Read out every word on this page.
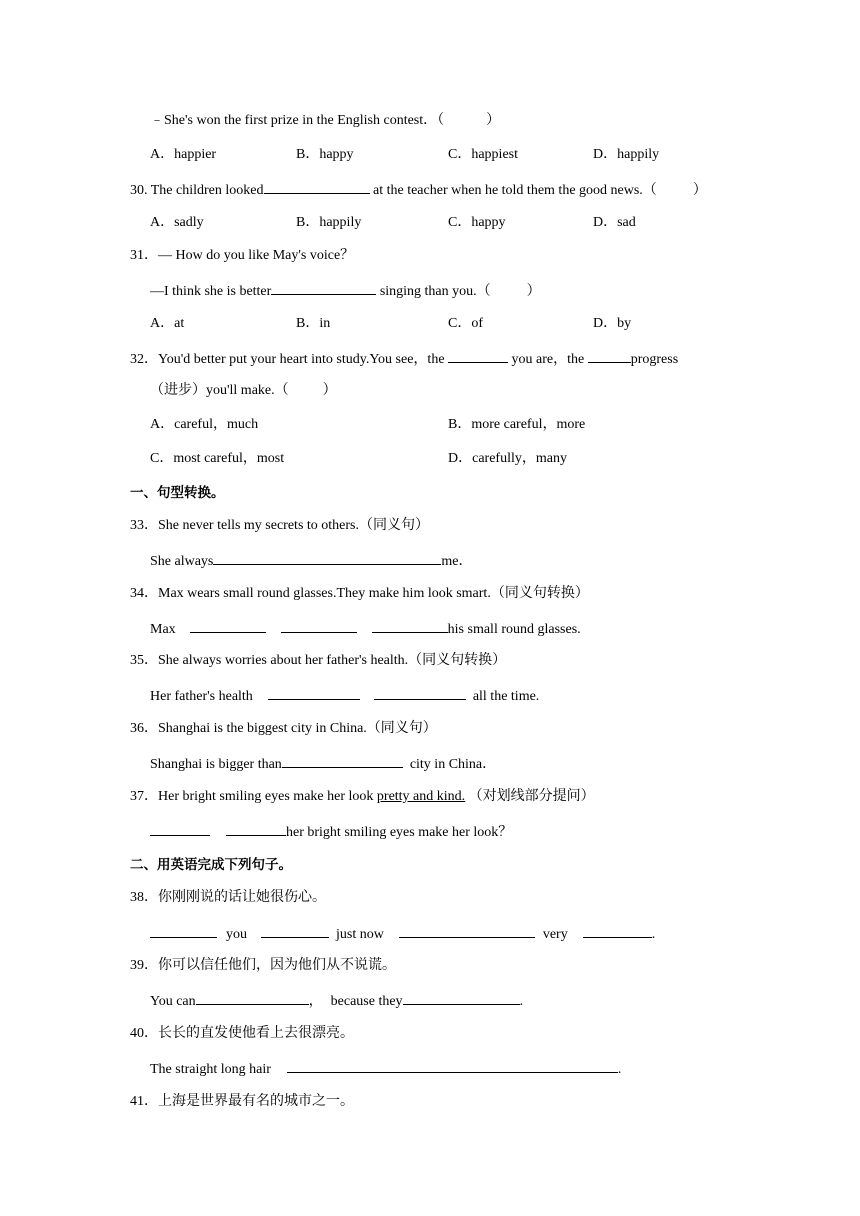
﹣She's won the first prize in the English contest．（	）
A．happier	B．happy	C．happiest	D．happily
30. The children looked	at the teacher when he told them the good news.（	）
A．sadly	B．happily	C．happy	D．sad
31．— How do you like May's voice？
—I think she is better	singing than you.（	）
A．at	B．in	C．of	D．by
32．You'd better put your heart into study.You see，the	you are，the	progress
（进步）you'll make.（ ）
A．careful，much	B．more careful，more
C．most careful，most	D．carefully，many
一、句型转换。
33．She never tells my secrets to others.（同义句）
She always	me．
34．Max wears small round glasses.They make him look smart.（同义句转换）
Max	his small round glasses.
35．She always worries about her father's health.（同义句转换）
Her father's health	all the time.
36．Shanghai is the biggest city in China.（同义句）
Shanghai is bigger than	city in China．
37．Her bright smiling eyes make her look pretty and kind. （对划线部分提问）
her bright smiling eyes make her look？
二、用英语完成下列句子。
38．你刚刚说的话让她很伤心。
you	just now	very	.
39．你可以信任他们，因为他们从不说谎。
You can	， because they	.
40．长长的直发使他看上去很漂亮。
The straight long hair	.
41．上海是世界最有名的城市之一。
